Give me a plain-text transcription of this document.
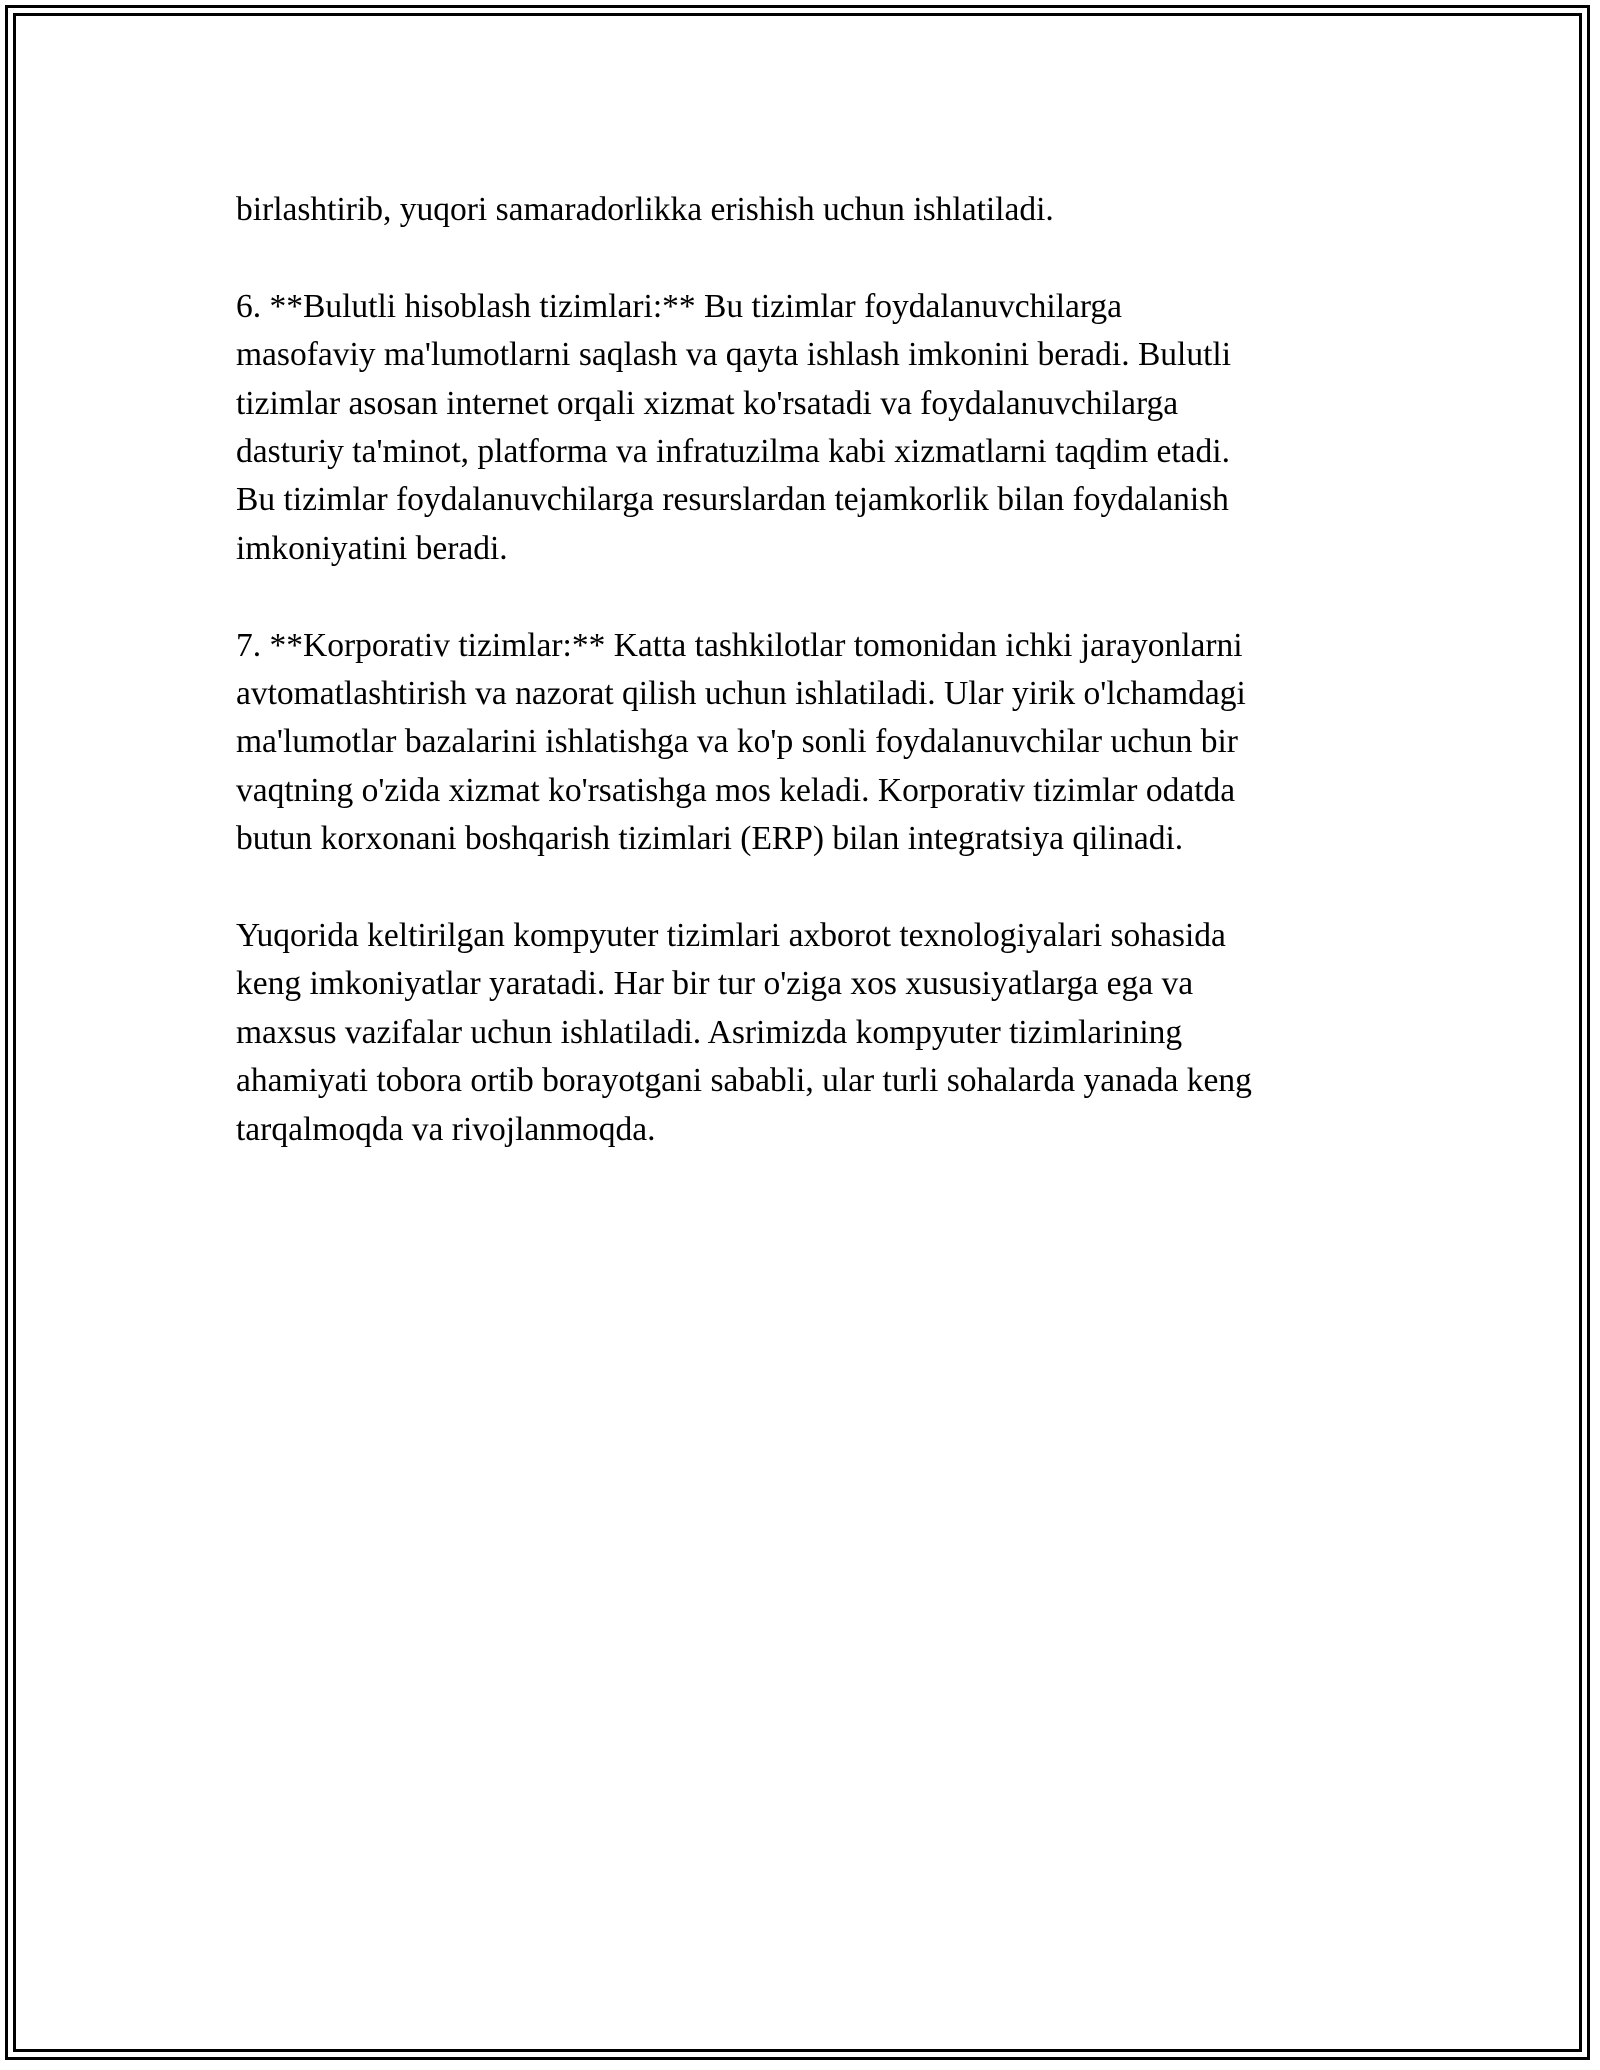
birlashtirib, yuqori samaradorlikka erishish uchun ishlatiladi.

6. **Bulutli hisoblash tizimlari:** Bu tizimlar foydalanuvchilarga
masofaviy ma'lumotlarni saqlash va qayta ishlash imkonini beradi. Bulutli
tizimlar asosan internet orqali xizmat ko'rsatadi va foydalanuvchilarga
dasturiy ta'minot, platforma va infratuzilma kabi xizmatlarni taqdim etadi.
Bu tizimlar foydalanuvchilarga resurslardan tejamkorlik bilan foydalanish
imkoniyatini beradi.

7. **Korporativ tizimlar:** Katta tashkilotlar tomonidan ichki jarayonlarni
avtomatlashtirish va nazorat qilish uchun ishlatiladi. Ular yirik o'lchamdagi
ma'lumotlar bazalarini ishlatishga va ko'p sonli foydalanuvchilar uchun bir
vaqtning o'zida xizmat ko'rsatishga mos keladi. Korporativ tizimlar odatda
butun korxonani boshqarish tizimlari (ERP) bilan integratsiya qilinadi.

Yuqorida keltirilgan kompyuter tizimlari axborot texnologiyalari sohasida
keng imkoniyatlar yaratadi. Har bir tur o'ziga xos xususiyatlarga ega va
maxsus vazifalar uchun ishlatiladi. Asrimizda kompyuter tizimlarining
ahamiyati tobora ortib borayotgani sababli, ular turli sohalarda yanada keng
tarqalmoqda va rivojlanmoqda.
